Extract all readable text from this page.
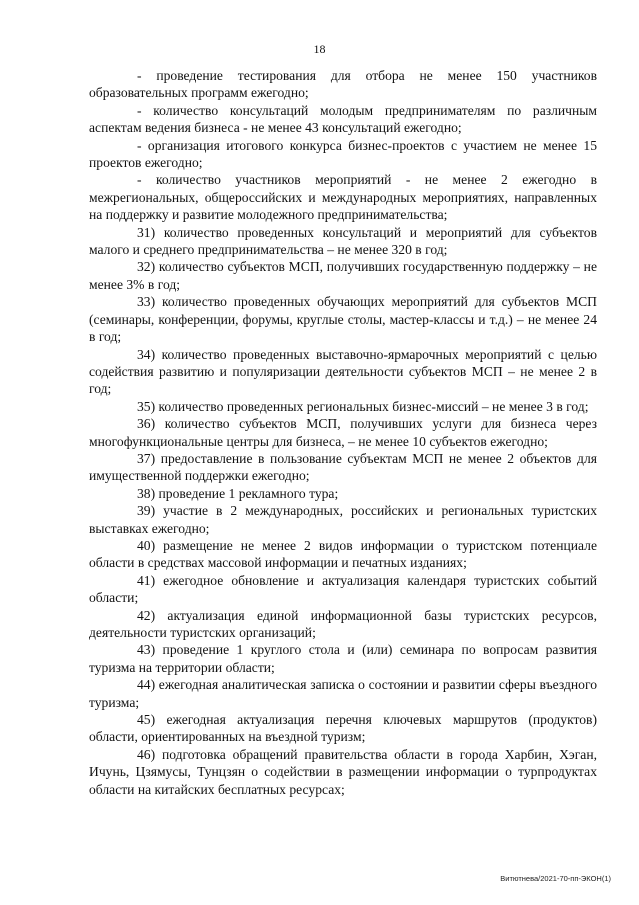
18

- проведение тестирования для отбора не менее 150 участников образовательных программ ежегодно;

- количество консультаций молодым предпринимателям по различным аспектам ведения бизнеса - не менее 43 консультаций ежегодно;

- организация итогового конкурса бизнес-проектов с участием не менее 15 проектов ежегодно;

- количество участников мероприятий - не менее 2 ежегодно в межрегиональных, общероссийских и международных мероприятиях, направленных на поддержку и развитие молодежного предпринимательства;

31) количество проведенных консультаций и мероприятий для субъектов малого и среднего предпринимательства – не менее 320 в год;

32) количество субъектов МСП, получивших государственную поддержку – не менее 3% в год;

33) количество проведенных обучающих мероприятий для субъектов МСП (семинары, конференции, форумы, круглые столы, мастер-классы и т.д.) – не менее 24 в год;

34) количество проведенных выставочно-ярмарочных мероприятий с целью содействия развитию и популяризации деятельности субъектов МСП – не менее 2 в год;

35) количество проведенных региональных бизнес-миссий – не менее 3 в год;

36) количество субъектов МСП, получивших услуги для бизнеса через многофункциональные центры для бизнеса, – не менее 10 субъектов ежегодно;

37) предоставление в пользование субъектам МСП не менее 2 объектов для имущественной поддержки ежегодно;

38) проведение 1 рекламного тура;

39) участие в 2 международных, российских и региональных туристских выставках ежегодно;

40) размещение не менее 2 видов информации о туристском потенциале области в средствах массовой информации и печатных изданиях;

41) ежегодное обновление и актуализация календаря туристских событий области;

42) актуализация единой информационной базы туристских ресурсов, деятельности туристских организаций;

43) проведение 1 круглого стола и (или) семинара по вопросам развития туризма на территории области;

44) ежегодная аналитическая записка о состоянии и развитии сферы въездного туризма;

45) ежегодная актуализация перечня ключевых маршрутов (продуктов) области, ориентированных на въездной туризм;

46) подготовка обращений правительства области в города Харбин, Хэган, Ичунь, Цзямусы, Тунцзян о содействии в размещении информации о турпродуктах области на китайских бесплатных ресурсах;

Витютнева/2021-70-пп-ЭКОН(1)
